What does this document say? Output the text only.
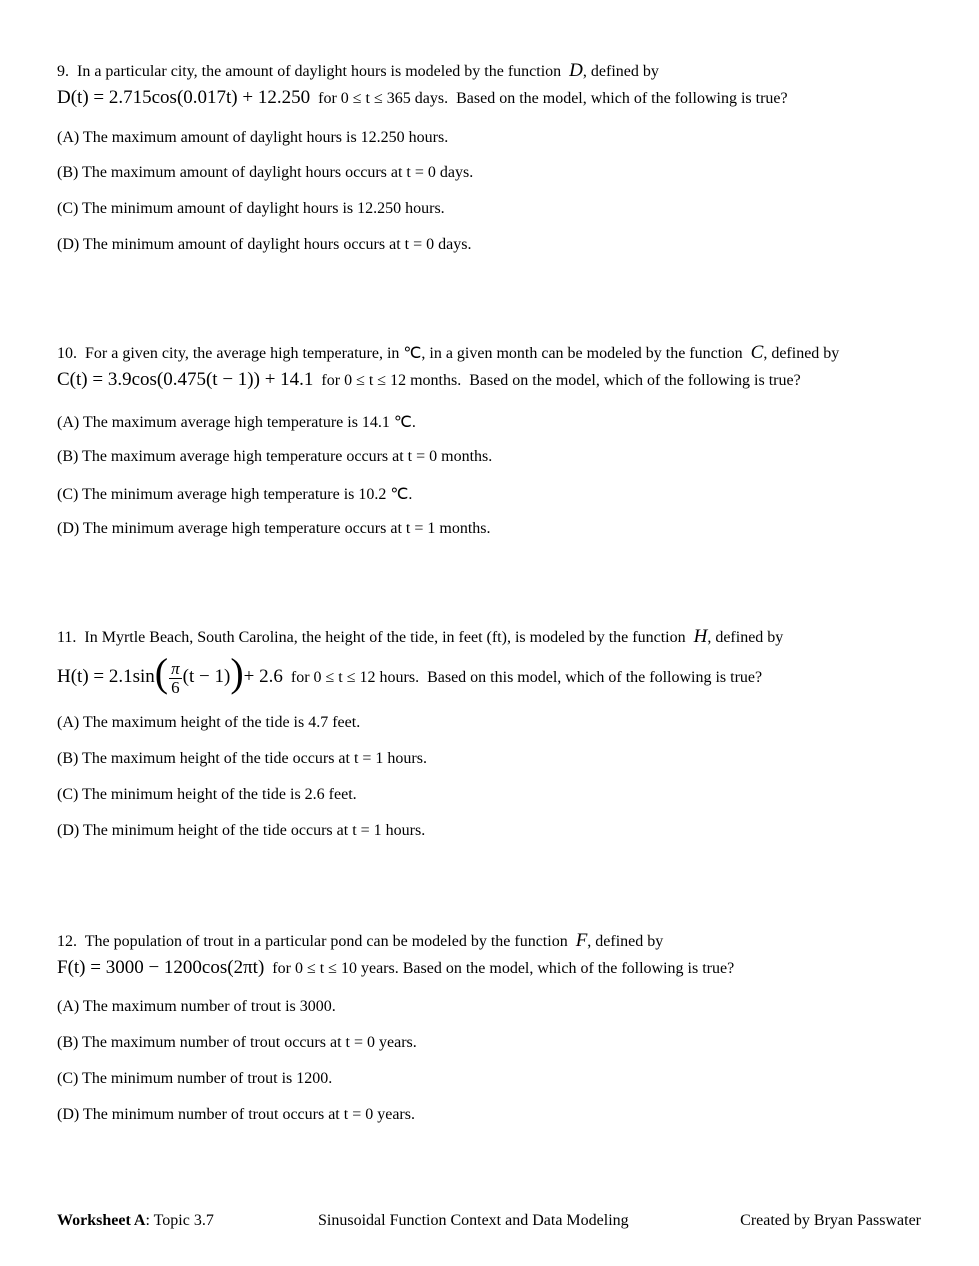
9. In a particular city, the amount of daylight hours is modeled by the function D, defined by
D(t) = 2.715cos(0.017t) + 12.250 for 0 ≤ t ≤ 365 days. Based on the model, which of the following is true?
(A) The maximum amount of daylight hours is 12.250 hours.
(B) The maximum amount of daylight hours occurs at t = 0 days.
(C) The minimum amount of daylight hours is 12.250 hours.
(D) The minimum amount of daylight hours occurs at t = 0 days.
10. For a given city, the average high temperature, in ℃, in a given month can be modeled by the function C, defined by
C(t) = 3.9cos(0.475(t − 1)) + 14.1 for 0 ≤ t ≤ 12 months. Based on the model, which of the following is true?
(A) The maximum average high temperature is 14.1 ℃.
(B) The maximum average high temperature occurs at t = 0 months.
(C) The minimum average high temperature is 10.2 ℃.
(D) The minimum average high temperature occurs at t = 1 months.
11. In Myrtle Beach, South Carolina, the height of the tide, in feet (ft), is modeled by the function H, defined by
$H(t) = 2.1\sin( \frac{\pi}{6} (t - 1))+ 2.6$ for 0 ≤ t ≤ 12 hours. Based on this model, which of the following is true?
(A) The maximum height of the tide is 4.7 feet.
(B) The maximum height of the tide occurs at t = 1 hours.
(C) The minimum height of the tide is 2.6 feet.
(D) The minimum height of the tide occurs at t = 1 hours.
12. The population of trout in a particular pond can be modeled by the function F, defined by
F(t) = 3000 − 1200cos(2πt) for 0 ≤ t ≤ 10 years. Based on the model, which of the following is true?
(A) The maximum number of trout is 3000.
(B) The maximum number of trout occurs at t = 0 years.
(C) The minimum number of trout is 1200.
(D) The minimum number of trout occurs at t = 0 years.
Worksheet A: Topic 3.7	Sinusoidal Function Context and Data Modeling	Created by Bryan Passwater
